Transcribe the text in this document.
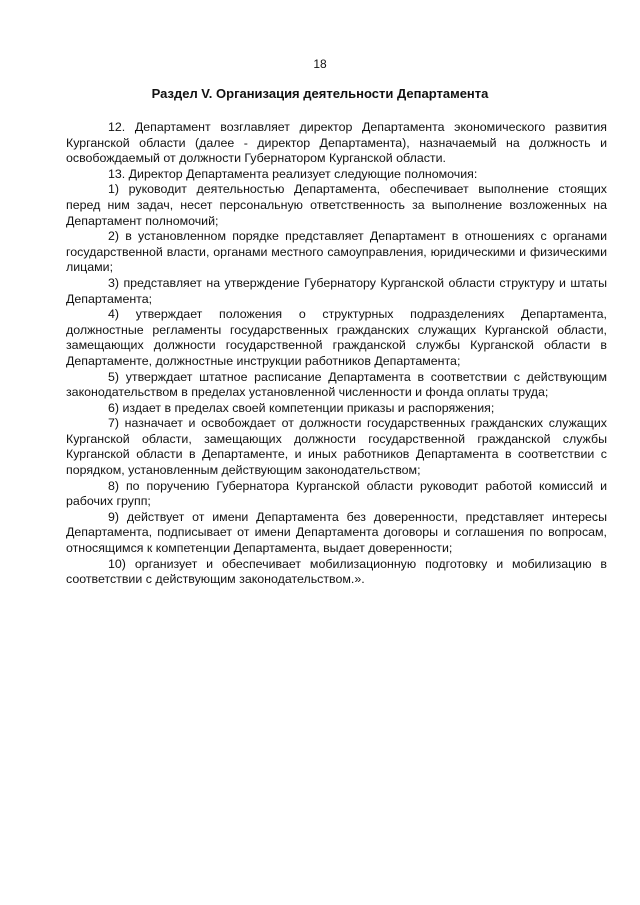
18
Раздел V. Организация деятельности Департамента

12. Департамент возглавляет директор Департамента экономического развития Курганской области (далее - директор Департамента), назначаемый на должность и освобождаемый от должности Губернатором Курганской области.

13. Директор Департамента реализует следующие полномочия:

1) руководит деятельностью Департамента, обеспечивает выполнение стоящих перед ним задач, несет персональную ответственность за выполнение возложенных на Департамент полномочий;

2) в установленном порядке представляет Департамент в отношениях с органами государственной власти, органами местного самоуправления, юридическими и физическими лицами;

3) представляет на утверждение Губернатору Курганской области структуру и штаты Департамента;

4) утверждает положения о структурных подразделениях Департамента, должностные регламенты государственных гражданских служащих Курганской области, замещающих должности государственной гражданской службы Курганской области в Департаменте, должностные инструкции работников Департамента;

5) утверждает штатное расписание Департамента в соответствии с действующим законодательством в пределах установленной численности и фонда оплаты труда;

6) издает в пределах своей компетенции приказы и распоряжения;

7) назначает и освобождает от должности государственных гражданских служащих Курганской области, замещающих должности государственной гражданской службы Курганской области в Департаменте, и иных работников Департамента в соответствии с порядком, установленным действующим законодательством;

8) по поручению Губернатора Курганской области руководит работой комиссий и рабочих групп;

9) действует от имени Департамента без доверенности, представляет интересы Департамента, подписывает от имени Департамента договоры и соглашения по вопросам, относящимся к компетенции Департамента, выдает доверенности;

10) организует и обеспечивает мобилизационную подготовку и мобилизацию в соответствии с действующим законодательством.».
